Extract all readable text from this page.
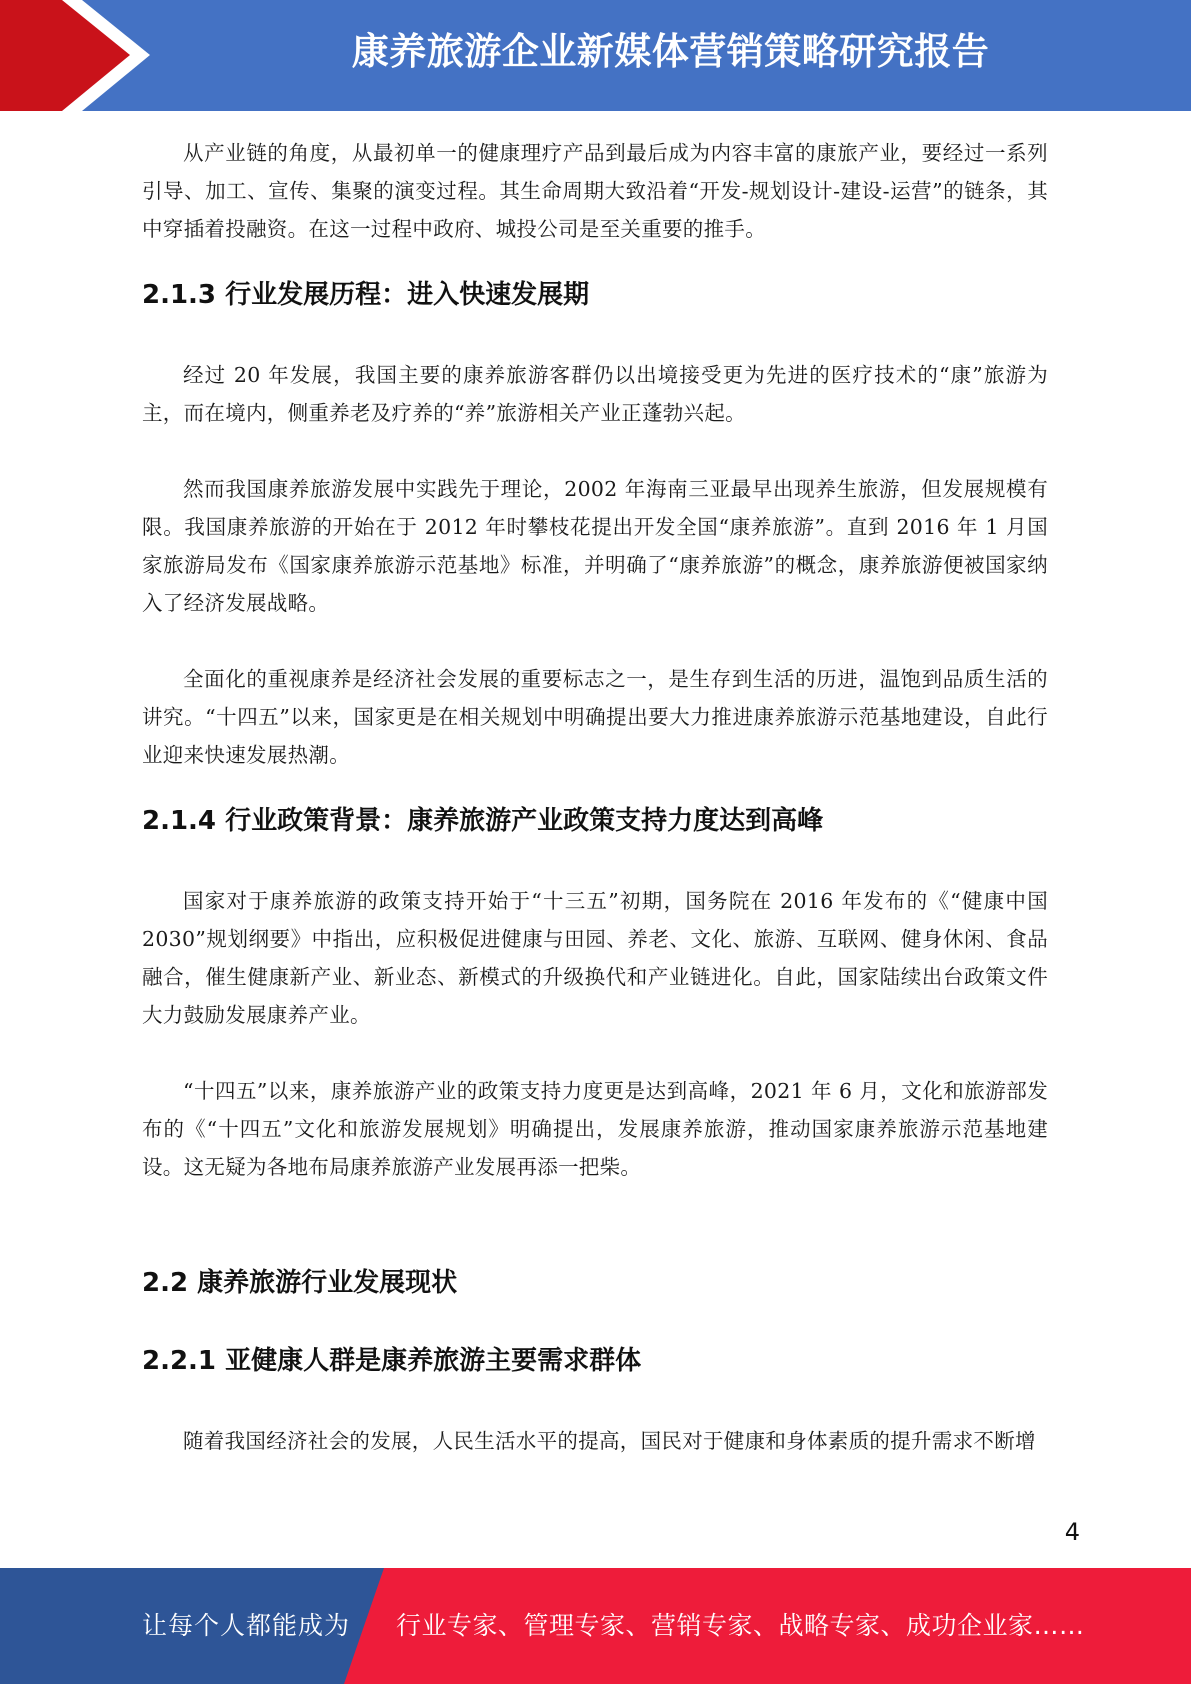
康养旅游企业新媒体营销策略研究报告

从产业链的角度，从最初单一的健康理疗产品到最后成为内容丰富的康旅产业，要经过一系列引导、加工、宣传、集聚的演变过程。其生命周期大致沿着“开发-规划设计-建设-运营”的链条，其中穿插着投融资。在这一过程中政府、城投公司是至关重要的推手。

2.1.3 行业发展历程：进入快速发展期

经过 20 年发展，我国主要的康养旅游客群仍以出境接受更为先进的医疗技术的“康”旅游为主，而在境内，侧重养老及疗养的“养”旅游相关产业正蓬勃兴起。

然而我国康养旅游发展中实践先于理论，2002 年海南三亚最早出现养生旅游，但发展规模有限。我国康养旅游的开始在于 2012 年时攀枝花提出开发全国“康养旅游”。直到 2016 年 1 月国家旅游局发布《国家康养旅游示范基地》标准，并明确了“康养旅游”的概念，康养旅游便被国家纳入了经济发展战略。

全面化的重视康养是经济社会发展的重要标志之一，是生存到生活的历进，温饱到品质生活的讲究。“十四五”以来，国家更是在相关规划中明确提出要大力推进康养旅游示范基地建设，自此行业迎来快速发展热潮。

2.1.4 行业政策背景：康养旅游产业政策支持力度达到高峰

国家对于康养旅游的政策支持开始于“十三五”初期，国务院在 2016 年发布的《“健康中国 2030”规划纲要》中指出，应积极促进健康与田园、养老、文化、旅游、互联网、健身休闲、食品融合，催生健康新产业、新业态、新模式的升级换代和产业链进化。自此，国家陆续出台政策文件大力鼓励发展康养产业。

“十四五”以来，康养旅游产业的政策支持力度更是达到高峰，2021 年 6 月，文化和旅游部发布的《“十四五”文化和旅游发展规划》明确提出，发展康养旅游，推动国家康养旅游示范基地建设。这无疑为各地布局康养旅游产业发展再添一把柴。

2.2 康养旅游行业发展现状
2.2.1 亚健康人群是康养旅游主要需求群体

随着我国经济社会的发展，人民生活水平的提高，国民对于健康和身体素质的提升需求不断增

4
让每个人都能成为 行业专家、管理专家、营销专家、战略专家、成功企业家……
